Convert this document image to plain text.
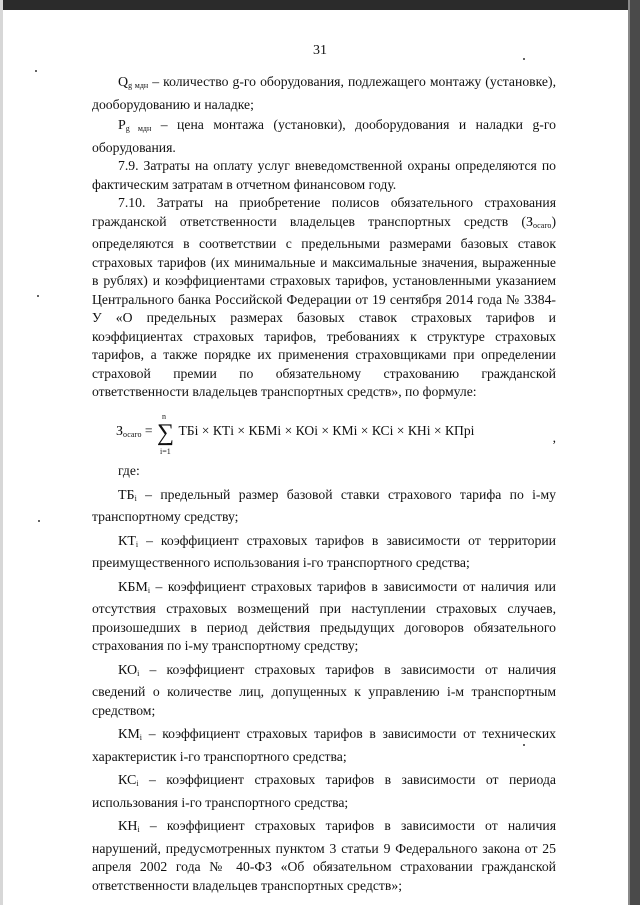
31

$Q_{g мдн}$ – количество g-го оборудования, подлежащего монтажу (установке), дооборудованию и наладке;

$P_{g мдн}$ – цена монтажа (установки), дооборудования и наладки g-го оборудования.

7.9. Затраты на оплату услуг вневедомственной охраны определяются по фактическим затратам в отчетном финансовом году.

7.10. Затраты на приобретение полисов обязательного страхования гражданской ответственности владельцев транспортных средств $(З_{осаго})$ определяются в соответствии с предельными размерами базовых ставок страховых тарифов (их минимальные и максимальные значения, выраженные в рублях) и коэффициентами страховых тарифов, установленными указанием Центрального банка Российской Федерации от 19 сентября 2014 года № 3384-У «О предельных размерах базовых ставок страховых тарифов и коэффициентах страховых тарифов, требованиях к структуре страховых тарифов, а также порядке их применения страховщиками при определении страховой премии по обязательному страхованию гражданской ответственности владельцев транспортных средств», по формуле:

$З_{осаго}$ = ∑
n
i=1
ТБi × КТi × КБМi × КОi × КМi × КСi × КНi × КПpi	,

где:

$ТБ_i$ – предельный размер базовой ставки страхового тарифа по i-му транспортному средству;

$КТ_i$ – коэффициент страховых тарифов в зависимости от территории преимущественного использования i-го транспортного средства;

$КБМ_i$ – коэффициент страховых тарифов в зависимости от наличия или отсутствия страховых возмещений при наступлении страховых случаев, произошедших в период действия предыдущих договоров обязательного страхования по i-му транспортному средству;

$КО_i$ – коэффициент страховых тарифов в зависимости от наличия сведений о количестве лиц, допущенных к управлению i-м транспортным средством;

$КМ_i$ – коэффициент страховых тарифов в зависимости от технических характеристик i-го транспортного средства;

$КС_i$ – коэффициент страховых тарифов в зависимости от периода использования i-го транспортного средства;

$КН_i$ – коэффициент страховых тарифов в зависимости от наличия нарушений, предусмотренных пунктом 3 статьи 9 Федерального закона от 25 апреля 2002 года № 40-ФЗ «Об обязательном страховании гражданской ответственности владельцев транспортных средств»;
